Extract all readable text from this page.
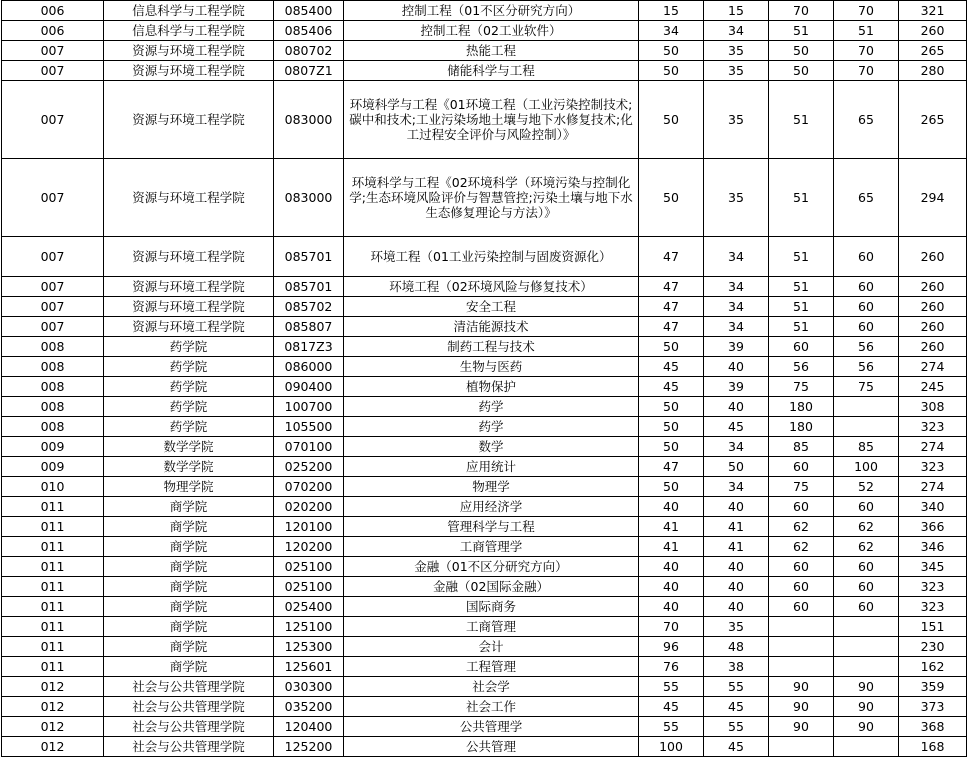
006	信息科学与工程学院	085400	控制工程（01不区分研究方向）	15	15	70	70	321
006	信息科学与工程学院	085406	控制工程（02工业软件）	34	34	51	51	260
007	资源与环境工程学院	080702	热能工程	50	35	50	70	265
007	资源与环境工程学院	0807Z1	储能科学与工程	50	35	50	70	280
007	资源与环境工程学院	083000	环境科学与工程《01环境工程（工业污染控制技术;碳中和技术;工业污染场地土壤与地下水修复技术;化工过程安全评价与风险控制）》	50	35	51	65	265
007	资源与环境工程学院	083000	环境科学与工程《02环境科学（环境污染与控制化学;生态环境风险评价与智慧管控;污染土壤与地下水生态修复理论与方法）》	50	35	51	65	294
007	资源与环境工程学院	085701	环境工程（01工业污染控制与固废资源化）	47	34	51	60	260
007	资源与环境工程学院	085701	环境工程（02环境风险与修复技术）	47	34	51	60	260
007	资源与环境工程学院	085702	安全工程	47	34	51	60	260
007	资源与环境工程学院	085807	清洁能源技术	47	34	51	60	260
008	药学院	0817Z3	制药工程与技术	50	39	60	56	260
008	药学院	086000	生物与医药	45	40	56	56	274
008	药学院	090400	植物保护	45	39	75	75	245
008	药学院	100700	药学	50	40	180		308
008	药学院	105500	药学	50	45	180		323
009	数学学院	070100	数学	50	34	85	85	274
009	数学学院	025200	应用统计	47	50	60	100	323
010	物理学院	070200	物理学	50	34	75	52	274
011	商学院	020200	应用经济学	40	40	60	60	340
011	商学院	120100	管理科学与工程	41	41	62	62	366
011	商学院	120200	工商管理学	41	41	62	62	346
011	商学院	025100	金融（01不区分研究方向）	40	40	60	60	345
011	商学院	025100	金融（02国际金融）	40	40	60	60	323
011	商学院	025400	国际商务	40	40	60	60	323
011	商学院	125100	工商管理	70	35			151
011	商学院	125300	会计	96	48			230
011	商学院	125601	工程管理	76	38			162
012	社会与公共管理学院	030300	社会学	55	55	90	90	359
012	社会与公共管理学院	035200	社会工作	45	45	90	90	373
012	社会与公共管理学院	120400	公共管理学	55	55	90	90	368
012	社会与公共管理学院	125200	公共管理	100	45			168
